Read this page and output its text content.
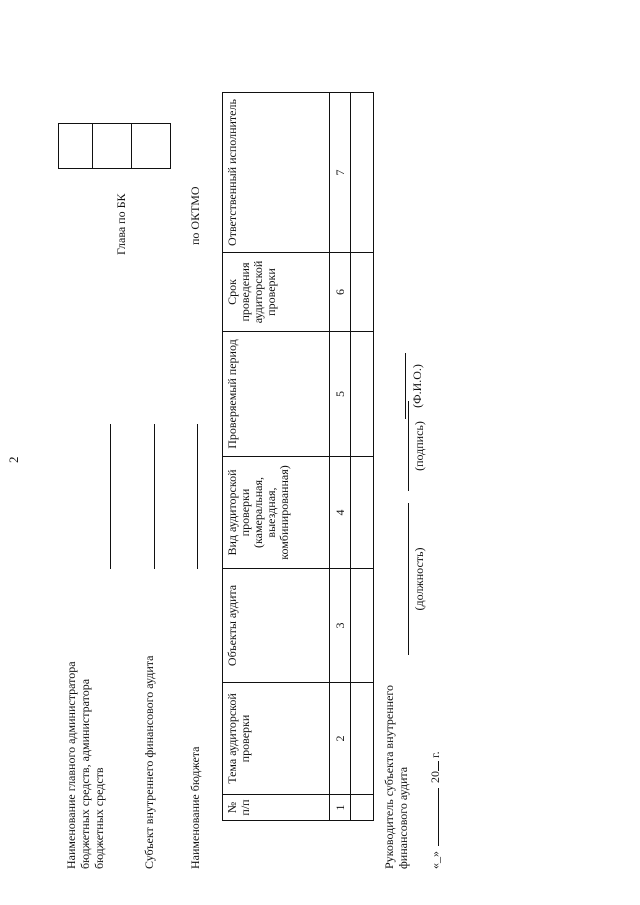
2
Наименование главного администратора бюджетных средств, администратора бюджетных средств	Субъект внутреннего финансового аудита	Наименование бюджета
Глава по БК	по ОКТМО

№ п/п	Тема аудиторской проверки	Объекты аудита	Вид аудиторской проверки (камеральная, выездная, комбинированная)	Проверяемый период	Срок проведения аудиторской проверки	Ответственный исполнитель
1	2	3	4	5	6	7

Руководитель субъекта внутреннего финансового аудита
(должность)
(подпись)
(Ф.И.О.)
«_»  20 г.
